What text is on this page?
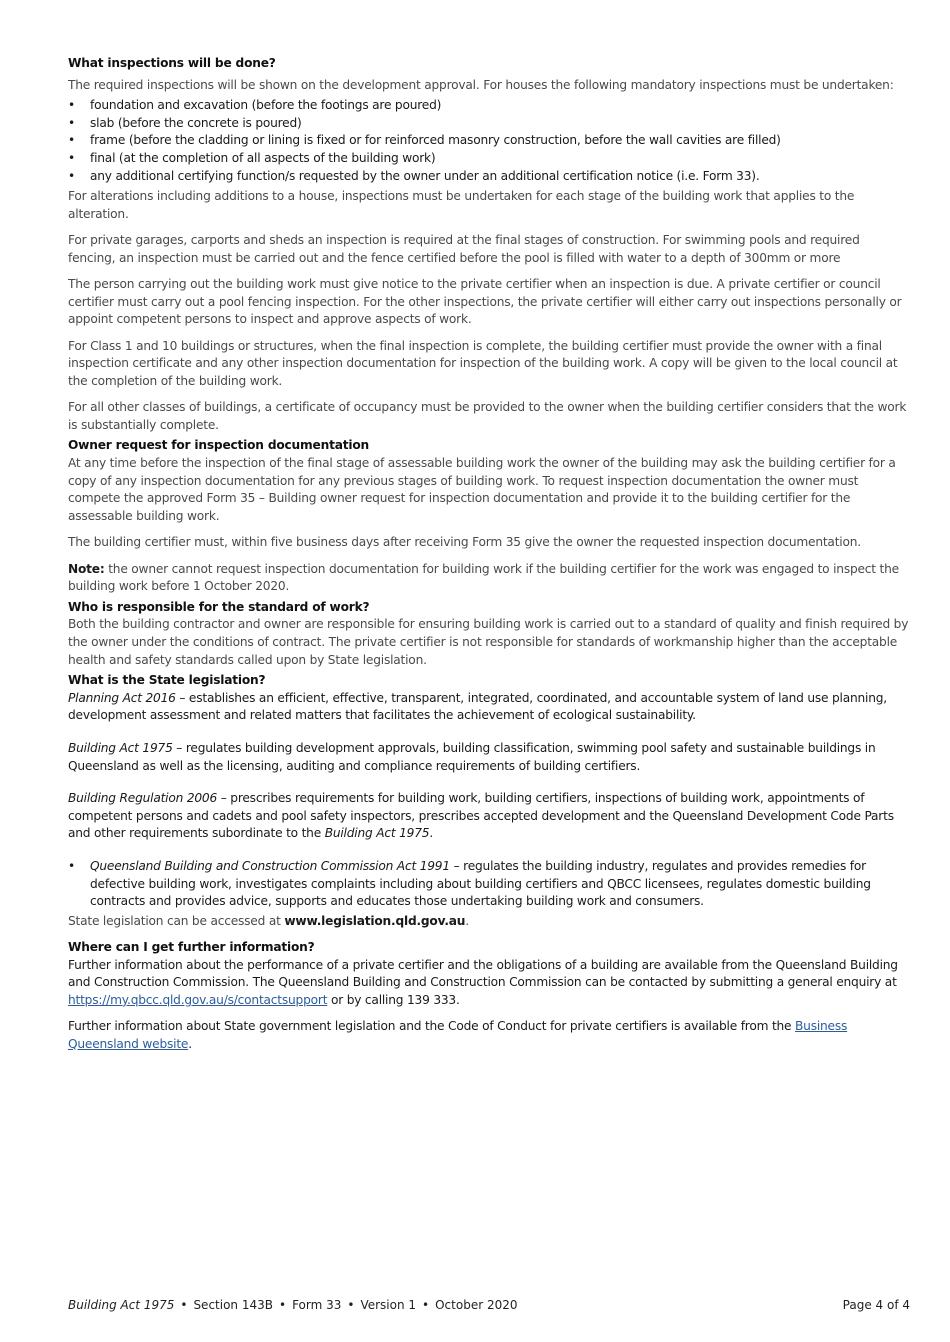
What inspections will be done?

The required inspections will be shown on the development approval. For houses the following mandatory inspections must be undertaken:

• foundation and excavation (before the footings are poured)
• slab (before the concrete is poured)
• frame (before the cladding or lining is fixed or for reinforced masonry construction, before the wall cavities are filled)
• final (at the completion of all aspects of the building work)
• any additional certifying function/s requested by the owner under an additional certification notice (i.e. Form 33).

For alterations including additions to a house, inspections must be undertaken for each stage of the building work that applies to the alteration.

For private garages, carports and sheds an inspection is required at the final stages of construction. For swimming pools and required fencing, an inspection must be carried out and the fence certified before the pool is filled with water to a depth of 300mm or more

The person carrying out the building work must give notice to the private certifier when an inspection is due. A private certifier or council certifier must carry out a pool fencing inspection. For the other inspections, the private certifier will either carry out inspections personally or appoint competent persons to inspect and approve aspects of work.

For Class 1 and 10 buildings or structures, when the final inspection is complete, the building certifier must provide the owner with a final inspection certificate and any other inspection documentation for inspection of the building work. A copy will be given to the local council at the completion of the building work.

For all other classes of buildings, a certificate of occupancy must be provided to the owner when the building certifier considers that the work is substantially complete.

Owner request for inspection documentation

At any time before the inspection of the final stage of assessable building work the owner of the building may ask the building certifier for a copy of any inspection documentation for any previous stages of building work. To request inspection documentation the owner must compete the approved Form 35 – Building owner request for inspection documentation and provide it to the building certifier for the assessable building work.

The building certifier must, within five business days after receiving Form 35 give the owner the requested inspection documentation.

Note: the owner cannot request inspection documentation for building work if the building certifier for the work was engaged to inspect the building work before 1 October 2020.

Who is responsible for the standard of work?

Both the building contractor and owner are responsible for ensuring building work is carried out to a standard of quality and finish required by the owner under the conditions of contract. The private certifier is not responsible for standards of workmanship higher than the acceptable health and safety standards called upon by State legislation.

What is the State legislation?

Planning Act 2016 – establishes an efficient, effective, transparent, integrated, coordinated, and accountable system of land use planning, development assessment and related matters that facilitates the achievement of ecological sustainability.

Building Act 1975 – regulates building development approvals, building classification, swimming pool safety and sustainable buildings in Queensland as well as the licensing, auditing and compliance requirements of building certifiers.

Building Regulation 2006 – prescribes requirements for building work, building certifiers, inspections of building work, appointments of competent persons and cadets and pool safety inspectors, prescribes accepted development and the Queensland Development Code Parts and other requirements subordinate to the Building Act 1975.

• Queensland Building and Construction Commission Act 1991 – regulates the building industry, regulates and provides remedies for defective building work, investigates complaints including about building certifiers and QBCC licensees, regulates domestic building contracts and provides advice, supports and educates those undertaking building work and consumers.

State legislation can be accessed at www.legislation.qld.gov.au.

Where can I get further information?

Further information about the performance of a private certifier and the obligations of a building are available from the Queensland Building and Construction Commission. The Queensland Building and Construction Commission can be contacted by submitting a general enquiry at https://my.qbcc.qld.gov.au/s/contactsupport or by calling 139 333.

Further information about State government legislation and the Code of Conduct for private certifiers is available from the Business Queensland website.

Building Act 1975 • Section 143B • Form 33 • Version 1 • October 2020	Page 4 of 4
